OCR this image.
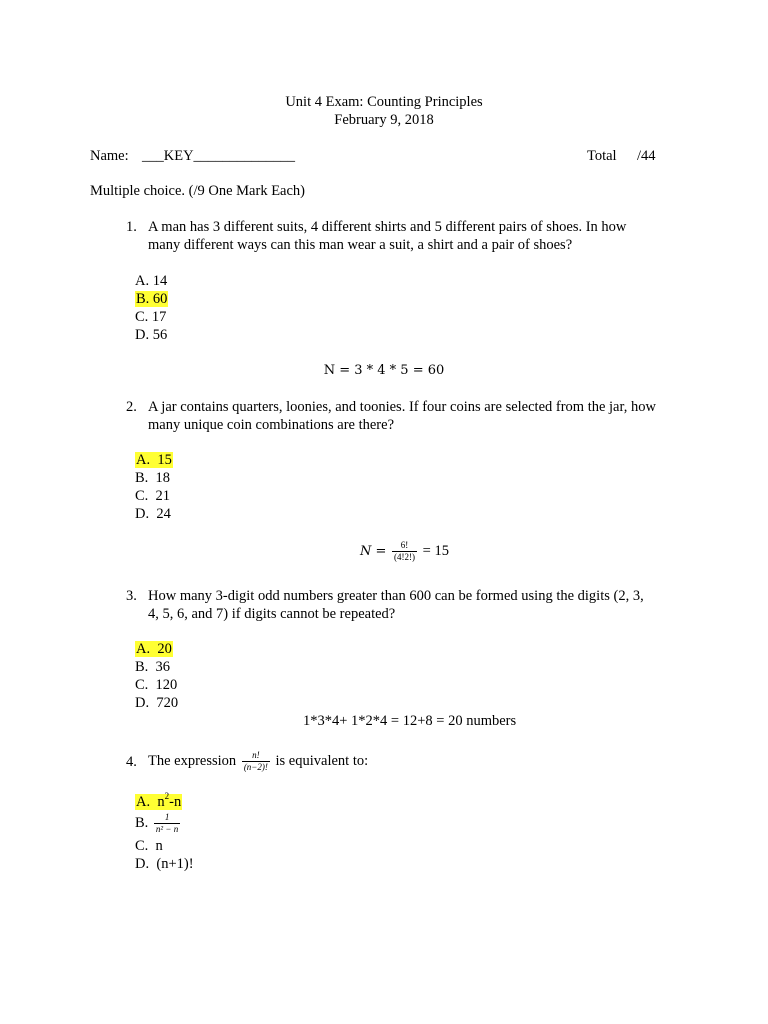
Unit 4 Exam: Counting Principles
February 9, 2018
Name: ___KEY______________	Total /44
Multiple choice. (/9 One Mark Each)
1. A man has 3 different suits, 4 different shirts and 5 different pairs of shoes. In how
many different ways can this man wear a suit, a shirt and a pair of shoes?
A. 14
B. 60
C. 17
D. 56
N = 3 * 4 * 5 = 60
2. A jar contains quarters, loonies, and toonies. If four coins are selected from the jar, how
many unique coin combinations are there?
A. 15
B. 18
C. 21
D. 24
$N = \frac{6!}{(4!2!)} = 15$
3. How many 3-digit odd numbers greater than 600 can be formed using the digits (2, 3,
4, 5, 6, and 7) if digits cannot be repeated?
A. 20
B. 36
C. 120
D. 720
1*3*4+ 1*2*4 = 12+8 = 20 numbers
4. The expression $\frac{n!}{(n-2)!}$ is equivalent to:
A. $n^2-n$
B. $\frac{1}{\text{n² − n}}$
C. n
D. (n+1)!
